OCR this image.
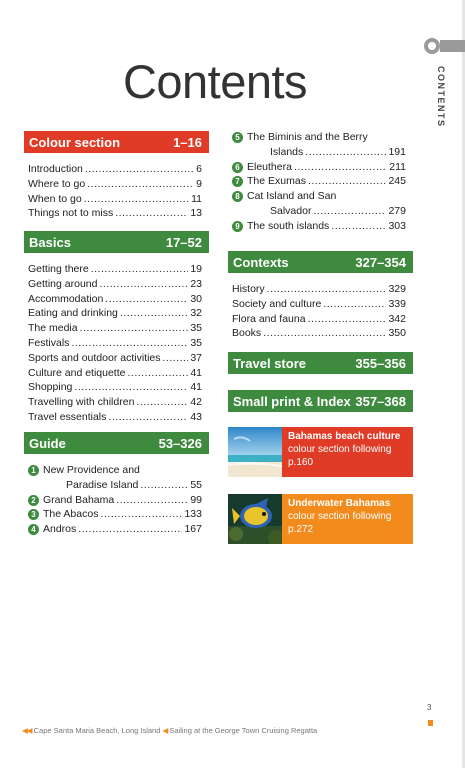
CONTENTS
Contents
Colour section	1–16
Introduction .....	6
Where to go .....	9
When to go .....	11
Things not to miss .....	13
Basics	17–52
Getting there .....	19
Getting around .....	23
Accommodation .....	30
Eating and drinking .....	32
The media .....	35
Festivals .....	35
Sports and outdoor activities .....	37
Culture and etiquette .....	41
Shopping .....	41
Travelling with children .....	42
Travel essentials .....	43
Guide	53–326
1 New Providence and
Paradise Island .....	55
2 Grand Bahama .....	99
3 The Abacos .....	133
4 Andros .....	167
5 The Biminis and the Berry
Islands .....	191
6 Eleuthera .....	211
7 The Exumas .....	245
8 Cat Island and San
Salvador .....	279
9 The south islands .....	303
Contexts	327–354
History .....	329
Society and culture .....	339
Flora and fauna .....	342
Books .....	350
Travel store	355–356
Small print & Index 357–368
Bahamas beach culture colour section following p.160
Underwater Bahamas colour section following p.272
◀◀ Cape Santa Maria Beach, Long Island ◀ Sailing at the George Town Cruising Regatta
3
